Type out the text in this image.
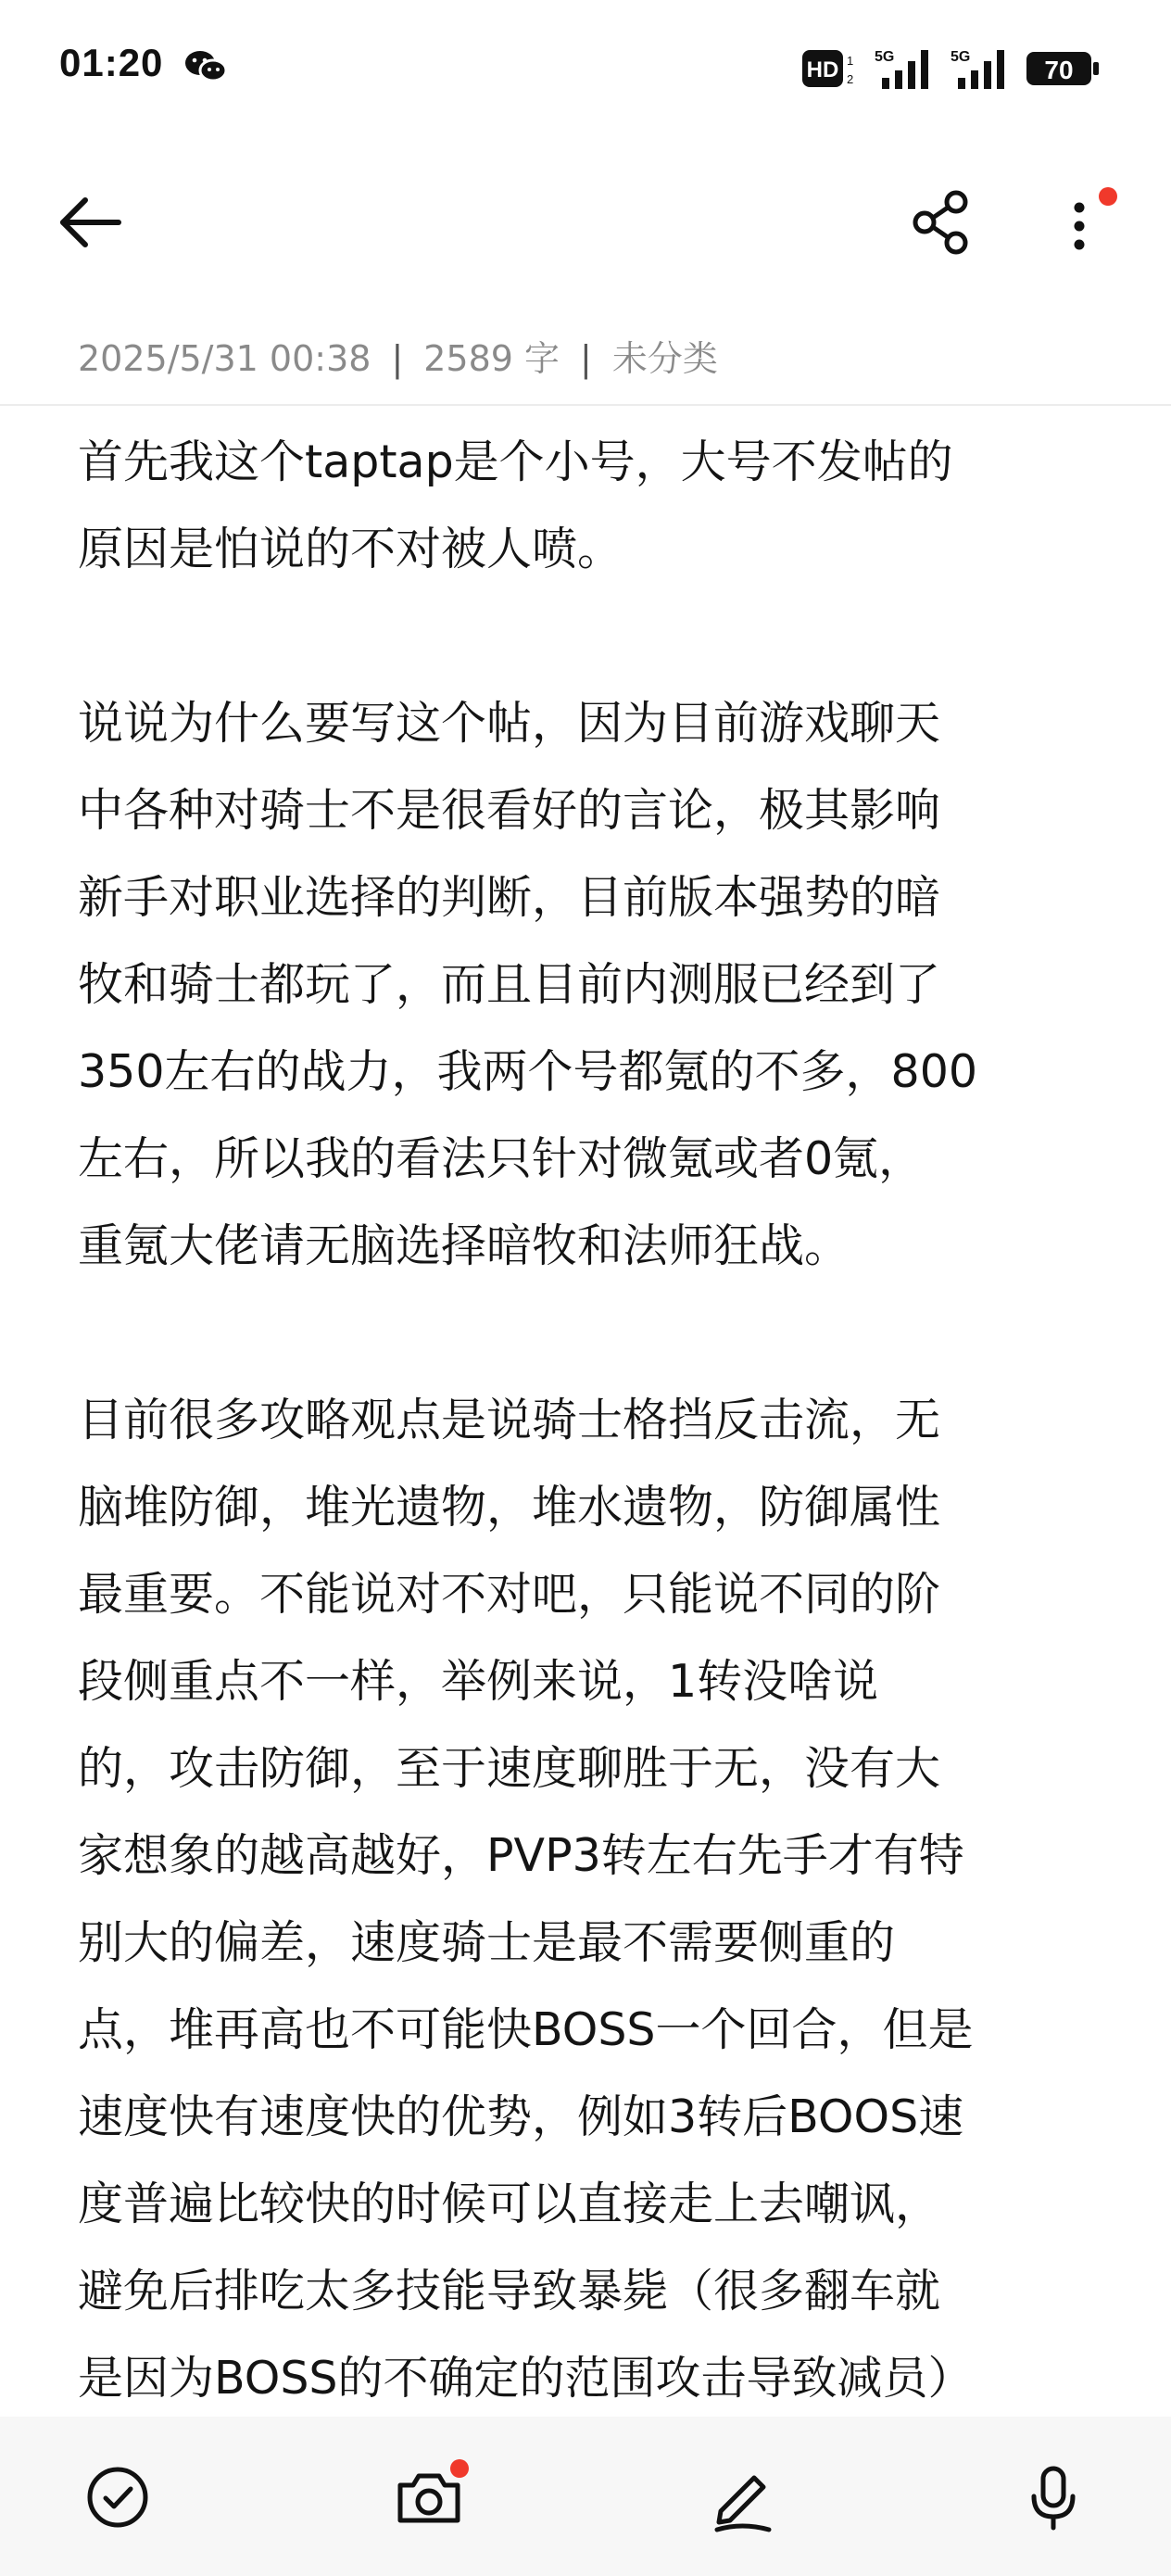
01:20	HD 1
2
5G	5G	70
2025/5/31 00:38 | 2589 字 | 未分类
首先我这个taptap是个小号，大号不发帖的
原因是怕说的不对被人喷。
说说为什么要写这个帖，因为目前游戏聊天
中各种对骑士不是很看好的言论，极其影响
新手对职业选择的判断，目前版本强势的暗
牧和骑士都玩了，而且目前内测服已经到了
350左右的战力，我两个号都氪的不多，800
左右，所以我的看法只针对微氪或者0氪，
重氪大佬请无脑选择暗牧和法师狂战。
目前很多攻略观点是说骑士格挡反击流，无
脑堆防御，堆光遗物，堆水遗物，防御属性
最重要。不能说对不对吧，只能说不同的阶
段侧重点不一样，举例来说，1转没啥说
的，攻击防御，至于速度聊胜于无，没有大
家想象的越高越好，PVP3转左右先手才有特
别大的偏差，速度骑士是最不需要侧重的
点，堆再高也不可能快BOSS一个回合，但是
速度快有速度快的优势，例如3转后BOOS速
度普遍比较快的时候可以直接走上去嘲讽，
避免后排吃太多技能导致暴毙（很多翻车就
是因为BOSS的不确定的范围攻击导致减员）
